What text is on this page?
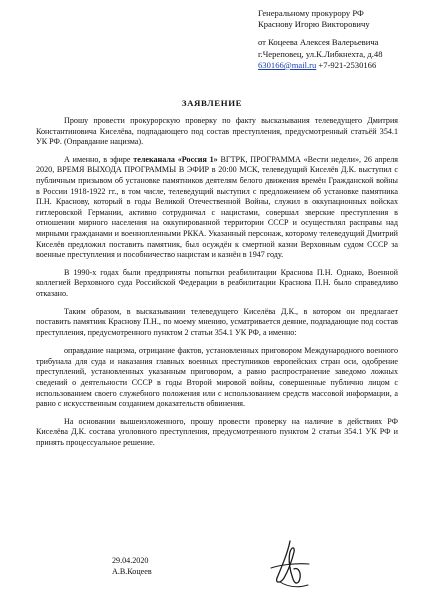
Генеральному прокурору РФ
Краснову Игорю Викторовичу
от Коцеева Алексея Валерьевича
г.Череповец, ул.К.Либкнехта, д.48
630166@mail.ru +7-921-2530166
ЗАЯВЛЕНИЕ

Прошу провести прокурорскую проверку по факту высказывания телеведущего Дмитрия Константиновича Киселёва, подпадающего под состав преступления, предусмотренный статьёй 354.1 УК РФ. (Оправдание нацизма).

А именно, в эфире телеканала «Россия 1» ВГТРК, ПРОГРАММА «Вести недели», 26 апреля 2020, ВРЕМЯ ВЫХОДА ПРОГРАММЫ В ЭФИР в 20:00 МСК, телеведущий Киселёв Д.К. выступил с публичным призывом об установке памятников деятелям белого движения времён Гражданской войны в России 1918-1922 гг., в том числе, телеведущий выступил с предложением об установке памятника П.Н. Краснову, который в годы Великой Отечественной Войны, служил в оккупационных войсках гитлеровской Германии, активно сотрудничал с нацистами, совершал зверские преступления в отношении мирного населения на оккупированной территории СССР и осуществлял расправы над мирными гражданами и военнопленными РККА. Указанный персонаж, которому телеведущий Дмитрий Киселёв предложил поставить памятник, был осуждён к смертной казни Верховным судом СССР за военные преступления и пособничество нацистам и казнён в 1947 году.

В 1990-х годах были предприняты попытки реабилитации Краснова П.Н. Однако, Военной коллегией Верховного суда Российской Федерации в реабилитации Краснова П.Н. было справедливо отказано.

Таким образом, в высказывании телеведущего Киселёва Д.К., в котором он предлагает поставить памятник Краснову П.Н., по моему мнению, усматривается деяние, подпадающие под состав преступления, предусмотренного пунктом 2 статьи 354.1 УК РФ, а именно:

оправдание нацизма, отрицание фактов, установленных приговором Международного военного трибунала для суда и наказания главных военных преступников европейских стран оси, одобрение преступлений, установленных указанным приговором, а равно распространение заведомо ложных сведений о деятельности СССР в годы Второй мировой войны, совершенные публично лицом с использованием своего служебного положения или с использованием средств массовой информации, а равно с искусственным созданием доказательств обвинения.

На основании вышеизложенного, прошу провести проверку на наличие в действиях РФ Киселёва Д.К. состава уголовного преступления, предусмотренного пунктом 2 статьи 354.1 УК РФ и принять процессуальное решение.

29.04.2020
А.В.Коцеев
